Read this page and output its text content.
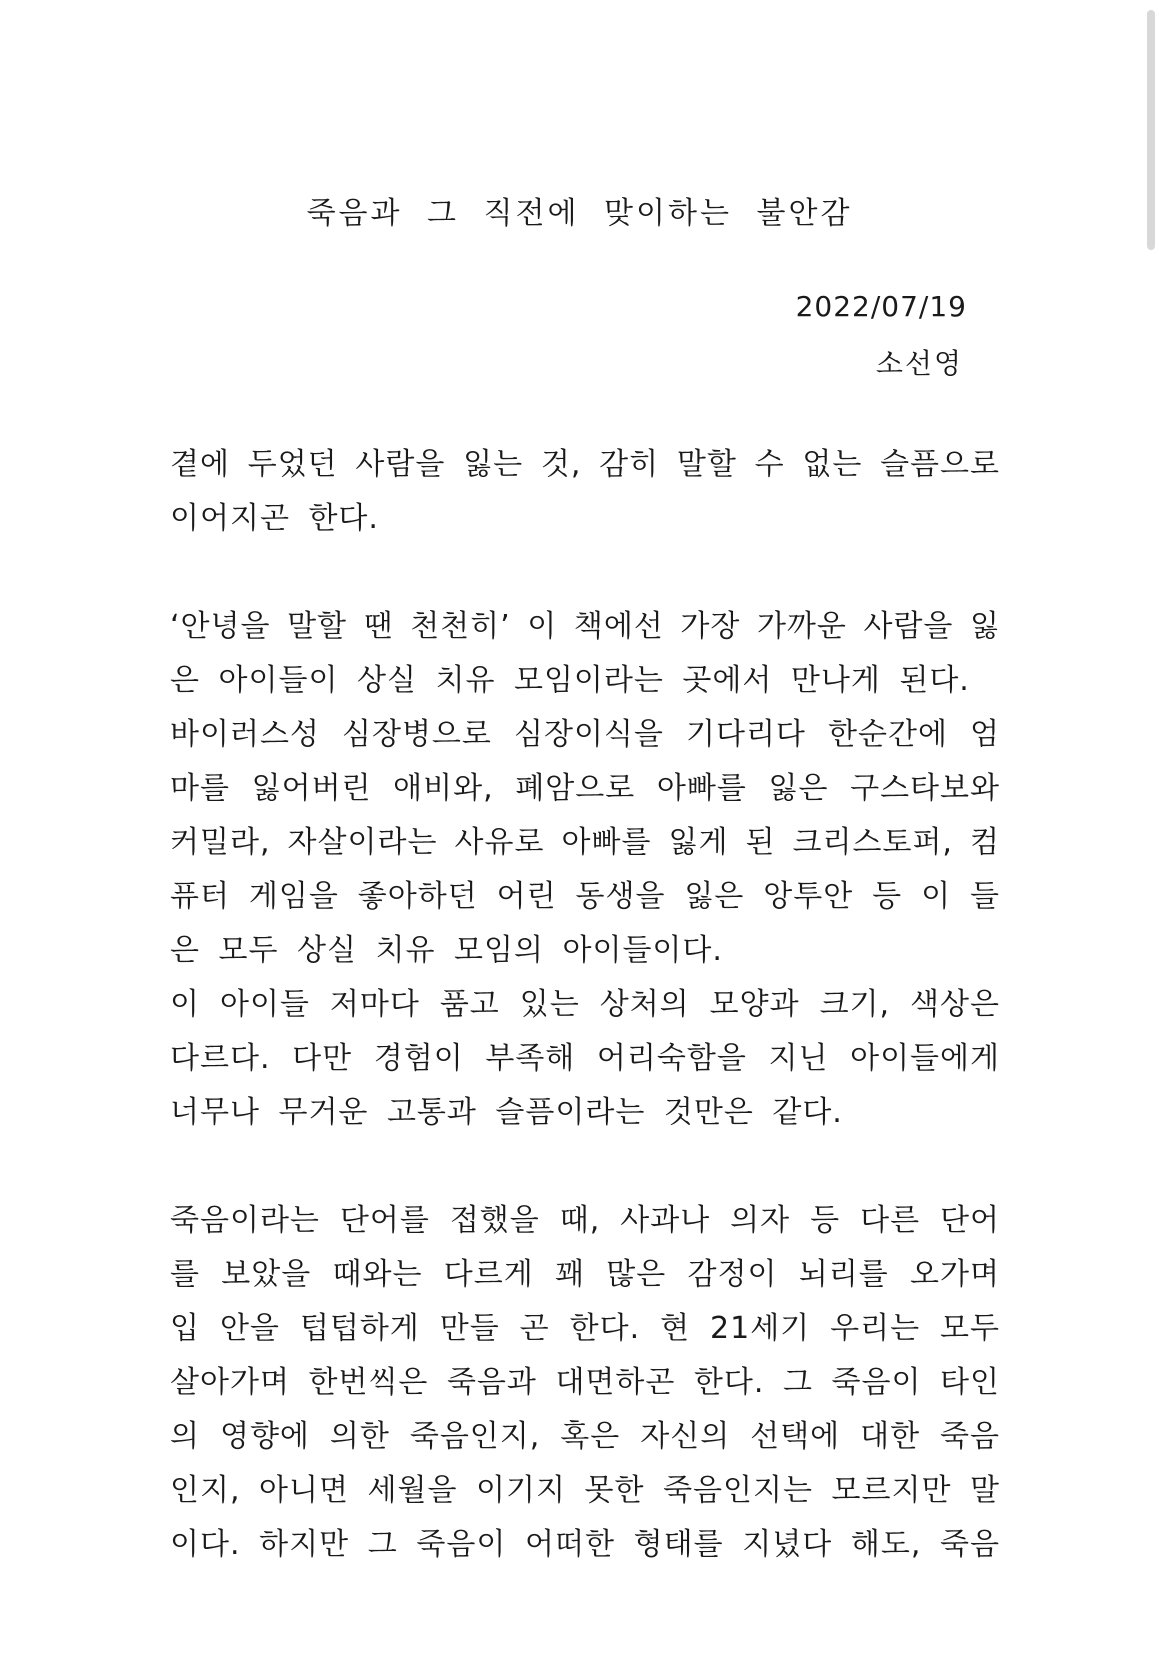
죽음과 그 직전에 맞이하는 불안감
2022/07/19
소선영
곁에 두었던 사람을 잃는 것, 감히 말할 수 없는 슬픔으로
이어지곤 한다.
‘안녕을 말할 땐 천천히’ 이 책에선 가장 가까운 사람을 잃
은 아이들이 상실 치유 모임이라는 곳에서 만나게 된다.
바이러스성 심장병으로 심장이식을 기다리다 한순간에 엄
마를 잃어버린 애비와, 폐암으로 아빠를 잃은 구스타보와
커밀라, 자살이라는 사유로 아빠를 잃게 된 크리스토퍼, 컴
퓨터 게임을 좋아하던 어린 동생을 잃은 앙투안 등 이 들
은 모두 상실 치유 모임의 아이들이다.
이 아이들 저마다 품고 있는 상처의 모양과 크기, 색상은
다르다. 다만 경험이 부족해 어리숙함을 지닌 아이들에게
너무나 무거운 고통과 슬픔이라는 것만은 같다.
죽음이라는 단어를 접했을 때, 사과나 의자 등 다른 단어
를 보았을 때와는 다르게 꽤 많은 감정이 뇌리를 오가며
입 안을 텁텁하게 만들 곤 한다. 현 21세기 우리는 모두
살아가며 한번씩은 죽음과 대면하곤 한다. 그 죽음이 타인
의 영향에 의한 죽음인지, 혹은 자신의 선택에 대한 죽음
인지, 아니면 세월을 이기지 못한 죽음인지는 모르지만 말
이다. 하지만 그 죽음이 어떠한 형태를 지녔다 해도, 죽음
